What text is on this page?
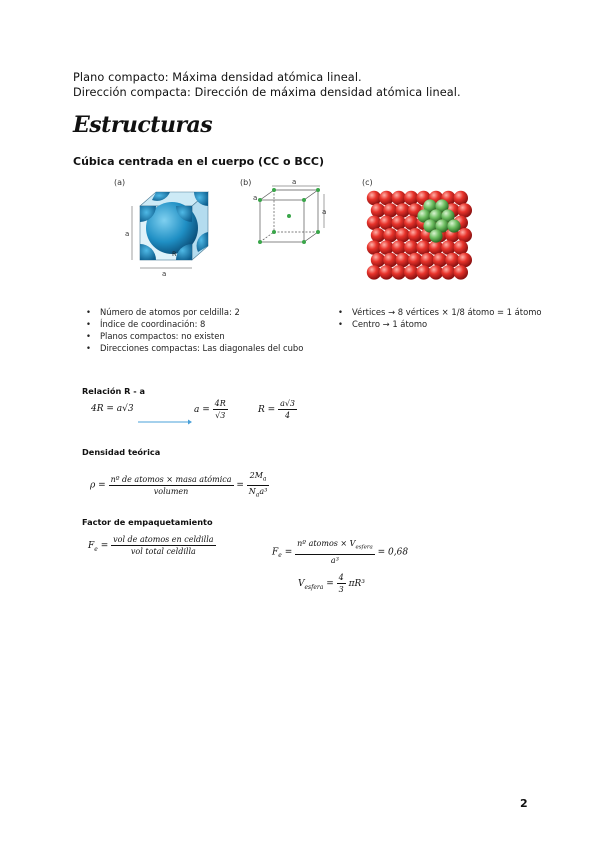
Plano compacto: Máxima densidad atómica lineal.
Dirección compacta: Dirección de máxima densidad atómica lineal.
Estructuras
Cúbica centrada en el cuerpo (CC o BCC)
(a)
a
a
R
(b)	a
a
a
(c)
• Número de atomos por celdilla: 2
• Índice de coordinación: 8
• Planos compactos: no existen
• Direcciones compactas: Las diagonales del cubo
• Vértices → 8 vértices × 1/8 átomo = 1 átomo
• Centro → 1 átomo
Relación R - a
4R = a√3	$a = \frac{4R}{√3}$	$R = \frac{a√3}{4}$
Densidad teórica
$\rho = \frac{\text{nº de atomos × masa atómica}}{\text{volumen}} = \frac{2M_a}{N_aa^3}$
Factor de empaquetamiento
$F_e = \frac{\text{vol de atomos en celdilla}}{\text{vol total celdilla}}$	$F_e = \frac{nº atomos \times V_{esfera}}{\text{a³}} = 0,68$
$V_{esfera} = \frac{4}{3} \pi R^3$
2
